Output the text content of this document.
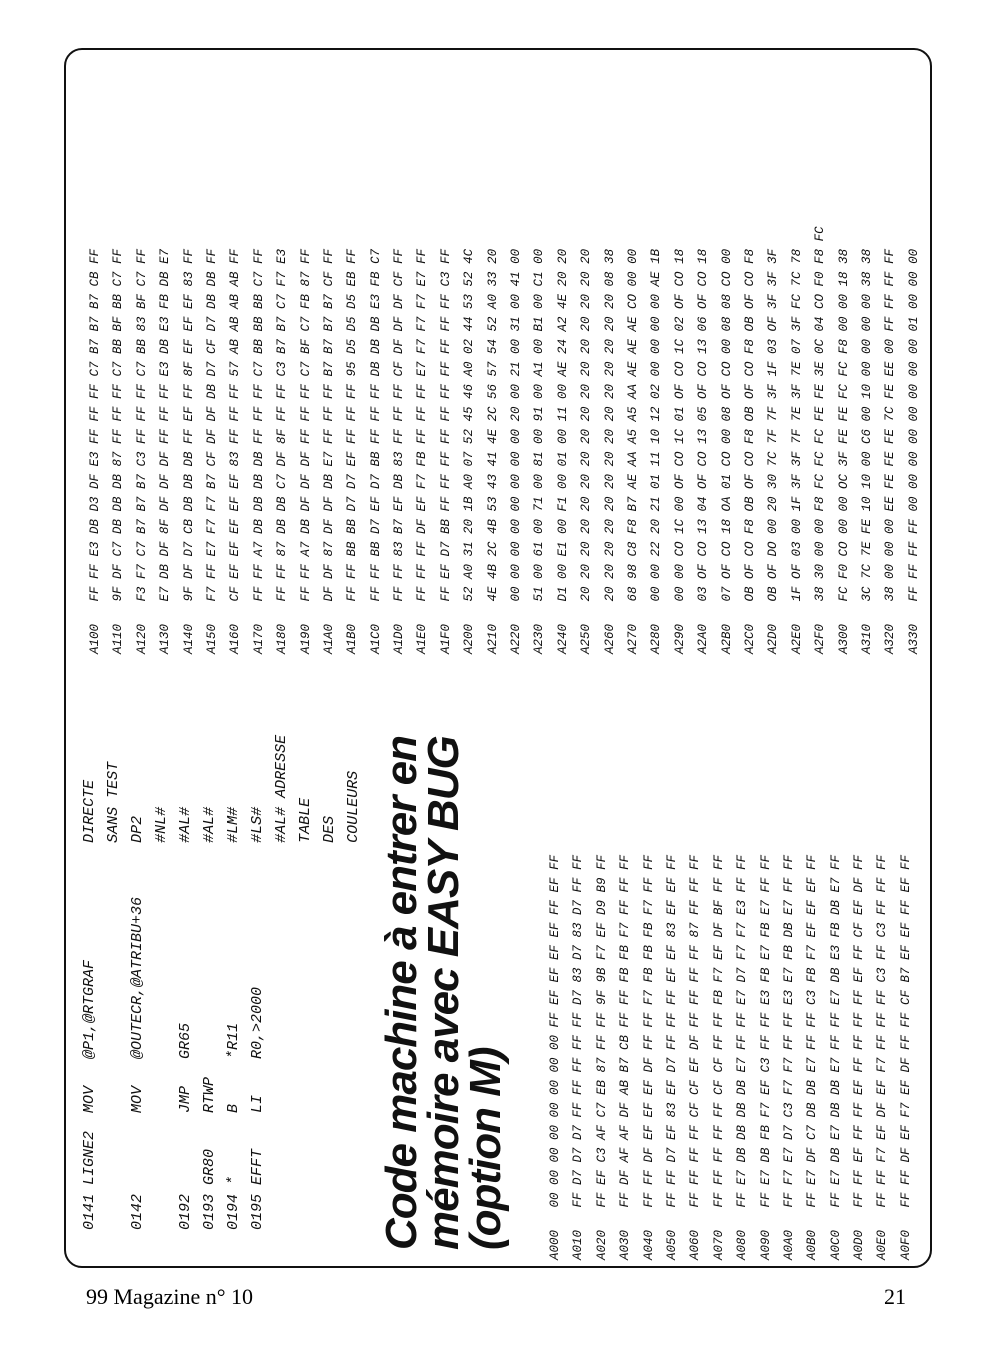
0141 LIGNE2  MOV   @P1,@RTGRAF             DIRECTE SANS TEST 0142         MOV   @OUTECR,@ATRIBU+36      DP2 #NL# 0192         JMP   GR65                    #AL# 0193 GR80    RTWP                          #AL# 0194 *       B     *R11                    #LM# 0195 EFFT    LI    R0,>2000                #LS# #AL# ADRESSE TABLE DES COULEURS Code machine à entrer en
mémoire avec EASY BUG
(option M)	A000   00 00 00 00 00 00 00 00 FF EF EF EF EF FF EF FF A010   FF D7 D7 D7 FF FF FF FF FF D7 83 D7 83 D7 FF FF A020   FF EF C3 AF C7 EB 87 FF FF 9F 9B F7 EF D9 B9 FF A030   FF DF AF AF DF AB B7 CB FF FF FB FB F7 FF FF FF A040   FF FF DF EF EF EF DF FF FF F7 FB FB FB F7 FF FF A050   FF FF D7 EF 83 EF D7 FF FF FF EF EF 83 EF EF FF A060   FF FF FF FF CF CF EF DF FF FF FF FF 87 FF FF FF A070   FF FF FF FF FF CF CF FF FF FB F7 EF DF BF FF FF A080   FF E7 DB DB DB DB E7 FF FF E7 D7 F7 F7 E3 FF FF A090   FF E7 DB FB F7 EF C3 FF FF E3 FB E7 FB E7 FF FF A0A0   FF F7 E7 D7 C3 F7 F7 FF FF E3 E7 FB DB E7 FF FF A0B0   FF E7 DF C7 DB DB E7 FF FF C3 FB F7 EF EF EF FF A0C0   FF E7 DB E7 DB DB E7 FF FF E7 DB E3 FB DB E7 FF A0D0   FF FF EF FF FF EF FF FF FF FF EF FF CF EF DF FF A0E0   FF FF F7 EF DF EF F7 FF FF FF C3 FF C3 FF FF FF A0F0   FF FF DF EF F7 EF DF FF FF CF B7 EF EF FF EF FF
A100   FF FF E3 DB D3 DF E3 FF FF FF C7 B7 B7 B7 CB FF A110   9F DF C7 DB DB DB 87 FF FF FF C7 BB BF BB C7 FF A120   F3 F7 C7 B7 B7 B7 C3 FF FF FF C7 BB 83 BF C7 FF A130   E7 DB DF 8F DF DF DF FF FF FF E3 DB E3 FB DB E7 A140   9F DF D7 CB DB DB DB FF EF FF 8F EF EF EF 83 FF A150   F7 FF E7 F7 F7 B7 CF DF DF DB D7 CF D7 DB DB FF A160   CF EF EF EF EF EF 83 FF FF FF 57 AB AB AB AB FF A170   FF FF A7 DB DB DB DB FF FF FF C7 BB BB BB C7 FF A180   FF FF 87 DB DB C7 DF 8F FF FF C3 B7 B7 C7 F7 E3 A190   FF FF A7 DB DF DF DF FF FF FF C7 BF C7 FB 87 FF A1A0   DF DF 87 DF DF DB E7 FF FF FF B7 B7 B7 B7 CF FF A1B0   FF FF BB BB D7 D7 EF FF FF FF 95 D5 D5 D5 EB FF A1C0   FF FF BB D7 EF D7 BB FF FF FF DB DB DB E3 FB C7 A1D0   FF FF 83 B7 EF DB 83 FF FF FF CF DF DF DF CF FF A1E0   FF FF FF DF EF F7 FB FF FF FF E7 F7 F7 F7 E7 FF A1F0   FF EF D7 BB FF FF FF FF FF FF FF FF FF FF C3 FF A200   52 A0 31 20 1B A0 07 52 45 46 A0 02 44 53 52 4C A210   4E 4B 2C 4B 53 43 41 4E 2C 56 57 54 52 A0 33 20 A220   00 00 00 00 00 00 00 00 20 00 21 00 31 00 41 00 A230   51 00 61 00 71 00 81 00 91 00 A1 00 B1 00 C1 00 A240   D1 00 E1 00 F1 00 01 00 11 00 AE 24 A2 4E 20 20 A250   20 20 20 20 20 20 20 20 20 20 20 20 20 20 20 20 A260   20 20 20 20 20 20 20 20 20 20 20 20 20 20 08 38 A270   68 98 C8 F8 B7 AE AA A5 A5 AA AE AE AE CO 00 00 A280   00 00 22 20 21 01 11 10 12 02 00 00 00 00 AE 1B A290   00 00 CO 1C 00 OF CO 1C 01 OF CO 1C 02 OF CO 18 A2A0   03 OF CO 13 04 OF CO 13 05 OF CO 13 06 OF CO 18 A2B0   07 OF CO 18 OA 01 CO 00 08 OF CO 00 08 08 CO 00 A2C0   OB OF CO F8 OB OF CO F8 OB OF CO F8 OB OF CO F8 A2D0   OB OF DO 00 20 30 7C 7F 7F 3F 1F 03 OF 3F 3F 3F A2E0   1F OF 03 00 1F 3F 3F 7F 7E 3F 7E 07 3F FC 7C 78 A2F0   38 30 00 00 F8 FC FC FC FE FE 3E 0C 04 CO F0 F8 FC A300   FC F0 CO 00 00 OC 3F FE FE FC FC F8 00 00 18 38 A310   3C 7C 7E FE 10 10 00 C6 00 10 00 00 00 00 38 38 A320   38 00 00 00 EE FE FE FE 7C FE EE 00 FF FF FF FF A330   FF FF FF FF 00 00 00 00 00 00 00 00 01 00 00 00
99 Magazine n° 10	21
